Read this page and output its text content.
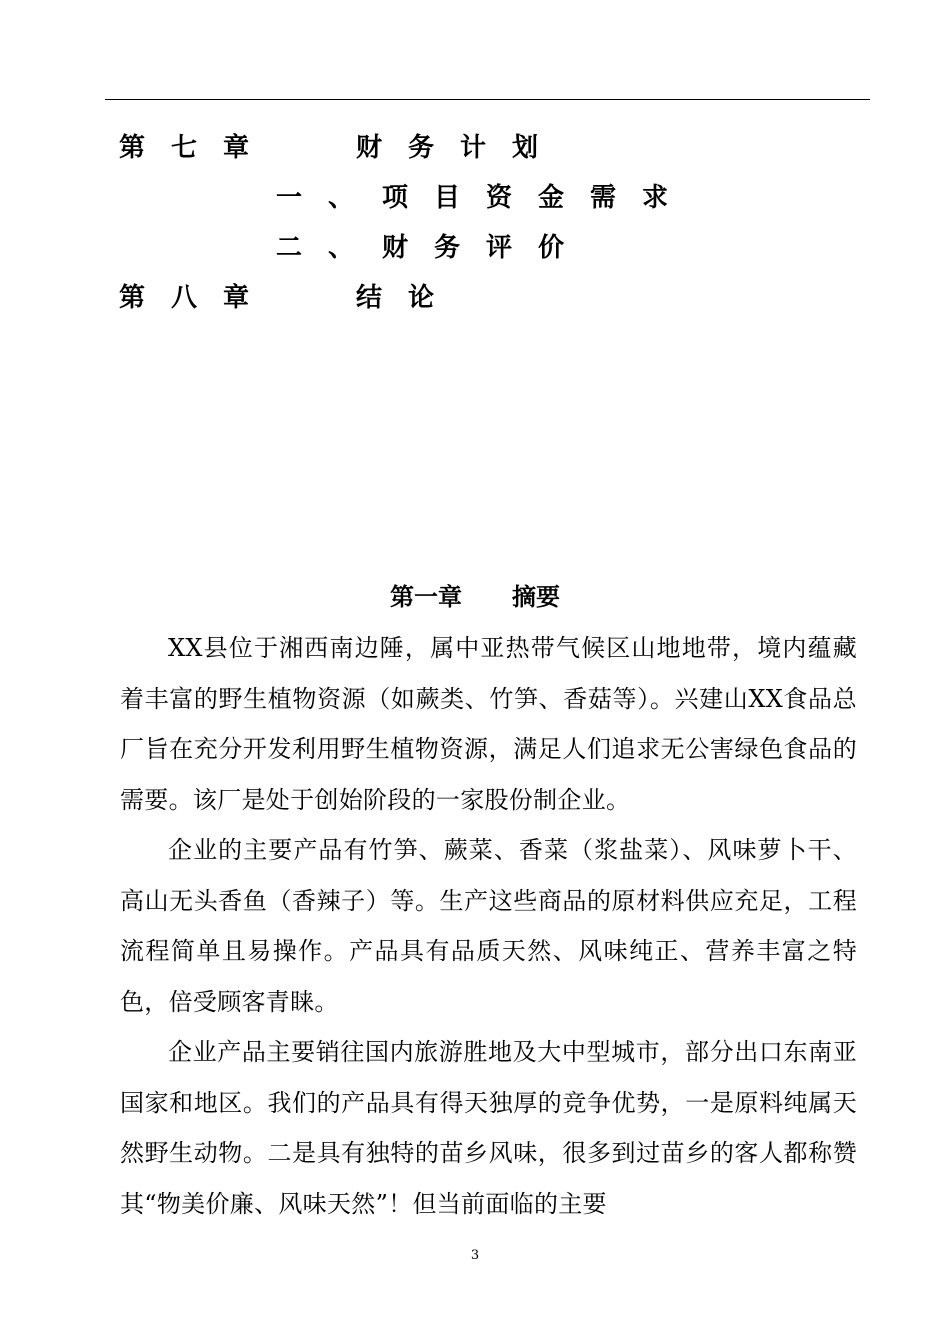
第七章	财务计划
一、 项目资金需求
二、 财务评价
第八章	结论
第一章 摘要

XX县位于湘西南边陲，属中亚热带气候区山地地带，境内蕴藏着丰富的野生植物资源（如蕨类、竹笋、香菇等）。兴建山XX食品总厂旨在充分开发利用野生植物资源，满足人们追求无公害绿色食品的需要。该厂是处于创始阶段的一家股份制企业。

企业的主要产品有竹笋、蕨菜、香菜（浆盐菜）、风味萝卜干、高山无头香鱼（香辣子）等。生产这些商品的原材料供应充足，工程流程简单且易操作。产品具有品质天然、风味纯正、营养丰富之特色，倍受顾客青睐。

企业产品主要销往国内旅游胜地及大中型城市，部分出口东南亚国家和地区。我们的产品具有得天独厚的竞争优势，一是原料纯属天然野生动物。二是具有独特的苗乡风味，很多到过苗乡的客人都称赞其“物美价廉、风味天然”！但当前面临的主要

3
